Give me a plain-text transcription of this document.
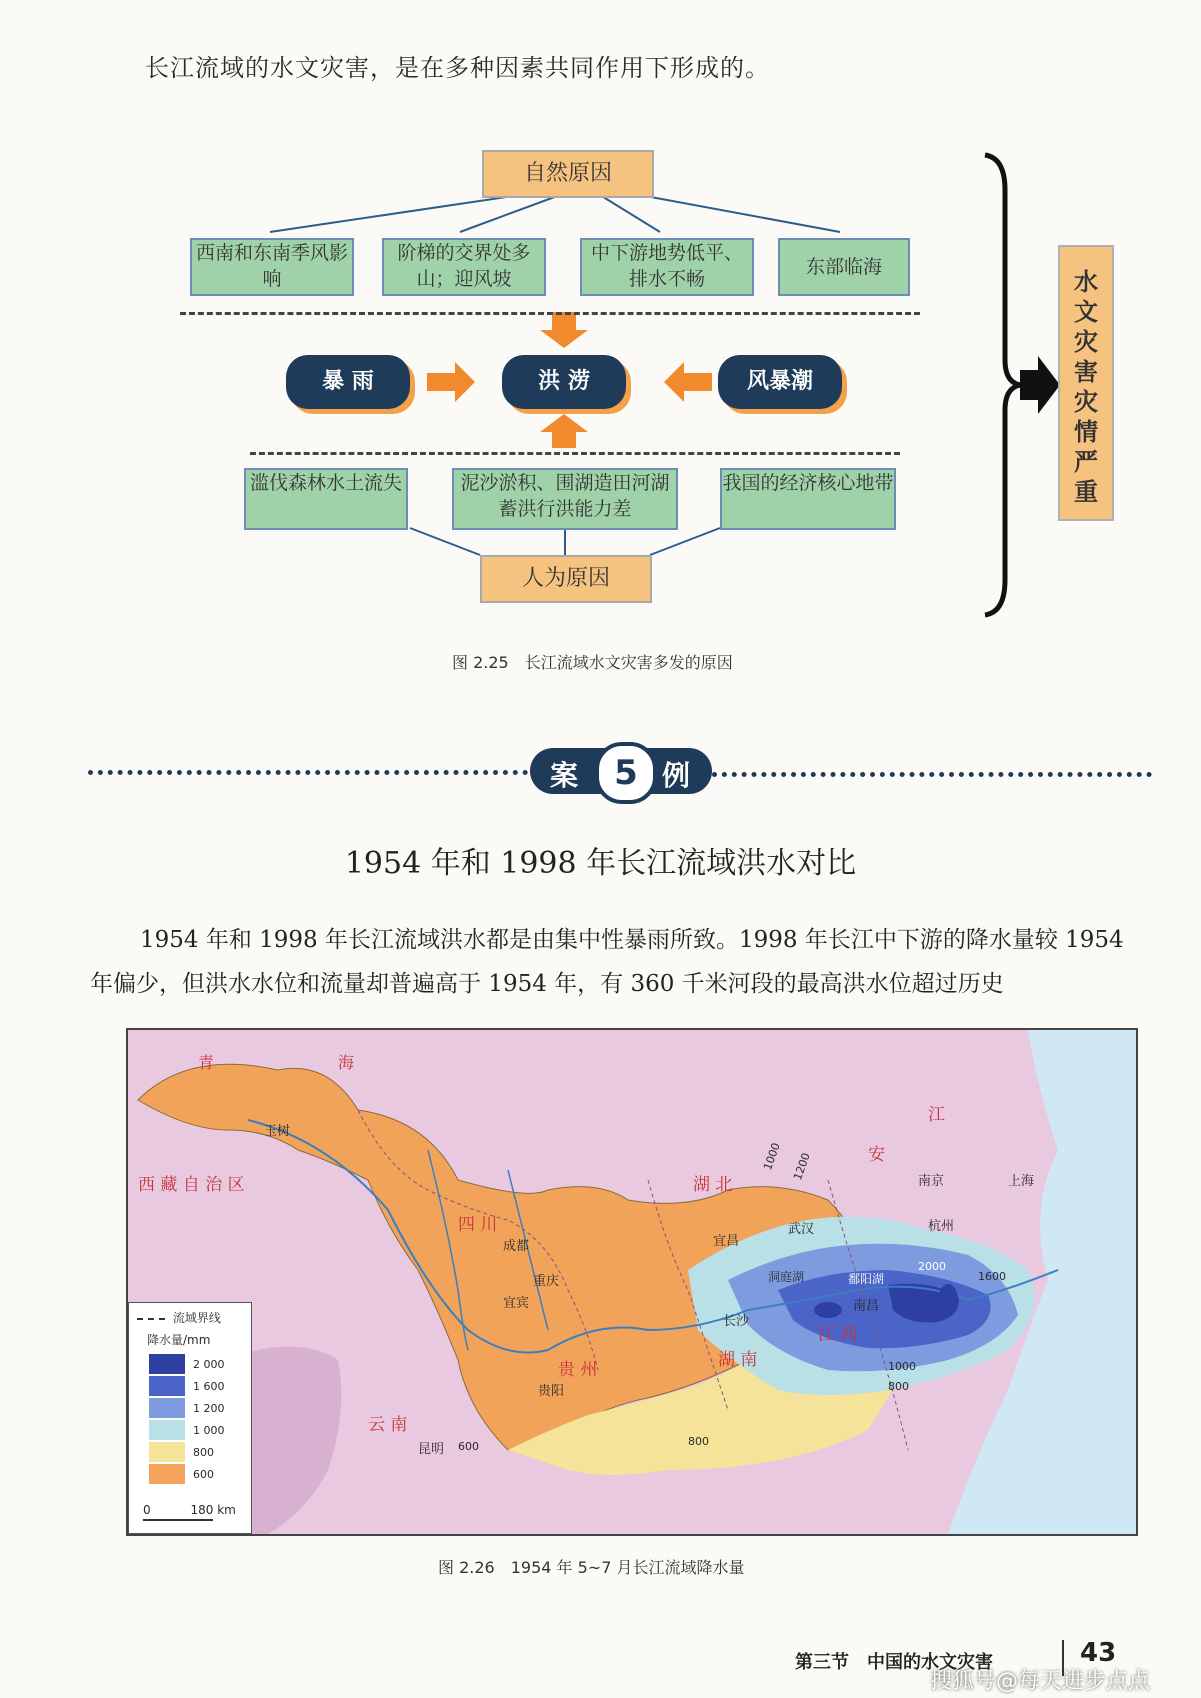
长江流域的水文灾害，是在多种因素共同作用下形成的。
自然原因
西南和东南季风影响
阶梯的交界处多山；迎风坡
中下游地势低平、排水不畅
东部临海
暴 雨	洪 涝	风暴潮
滥伐森林水土流失	泥沙淤积、围湖造田河湖蓄洪行洪能力差
我国的经济核心地带
人为原因
水文灾害灾情严重
图 2.25　长江流域水文灾害多发的原因
案	5 例
1954 年和 1998 年长江流域洪水对比
1954 年和 1998 年长江流域洪水都是由集中性暴雨所致。1998 年长江中下游的降水量较 1954 年偏少，但洪水水位和流量却普遍高于 1954 年，有 360 千米河段的最高洪水位超过历史
青	海
西 藏 自 治 区
玉树
四 川
成都
重庆
宜宾
湖 北
宜昌
武汉
洞庭湖	鄱阳湖
长沙
南昌
湖 南
江 西
贵 州
贵阳
云 南
昆明
安
江
南京
杭州
上海
1000 1200
1600
2000
800
600
1000
800
流域界线
降水量/mm
2 000
1 600
1 200
1 000
800
600
0	180 km
图 2.26　1954 年 5~7 月长江流域降水量
第三节　中国的水文灾害	43
搜狐号@每天进步点点
